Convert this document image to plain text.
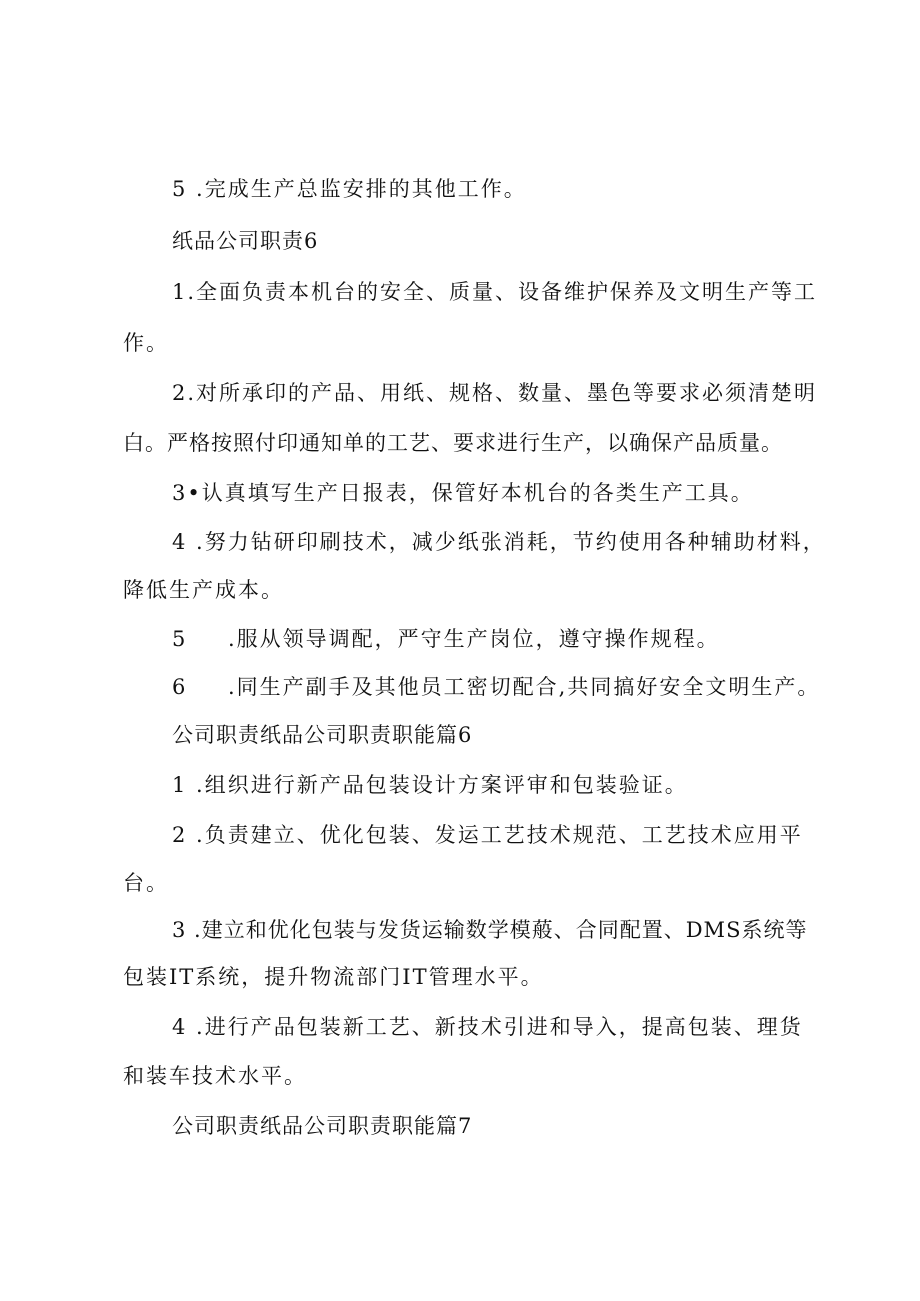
5 .完成生产总监安排的其他工作。
纸品公司职责6
1.全面负责本机台的安全、质量、设备维护保养及文明生产等工
作。
2.对所承印的产品、用纸、规格、数量、墨色等要求必须清楚明
白。严格按照付印通知单的工艺、要求进行生产，以确保产品质量。
3•认真填写生产日报表，保管好本机台的各类生产工具。
4 .努力钻研印刷技术，减少纸张消耗，节约使用各种辅助材料，
降低生产成本。
5 .服从领导调配，严守生产岗位，遵守操作规程。
6 .同生产副手及其他员工密切配合,共同搞好安全文明生产。
公司职责纸品公司职责职能篇6
1 .组织进行新产品包装设计方案评审和包装验证。
2 .负责建立、优化包装、发运工艺技术规范、工艺技术应用平
台。
3 .建立和优化包装与发货运输数学模蒰、合同配置、DMS系统等
包装IT系统，提升物流部门IT管理水平。
4 .进行产品包装新工艺、新技术引进和导入，提高包装、理货
和装车技术水平。
公司职责纸品公司职责职能篇7
